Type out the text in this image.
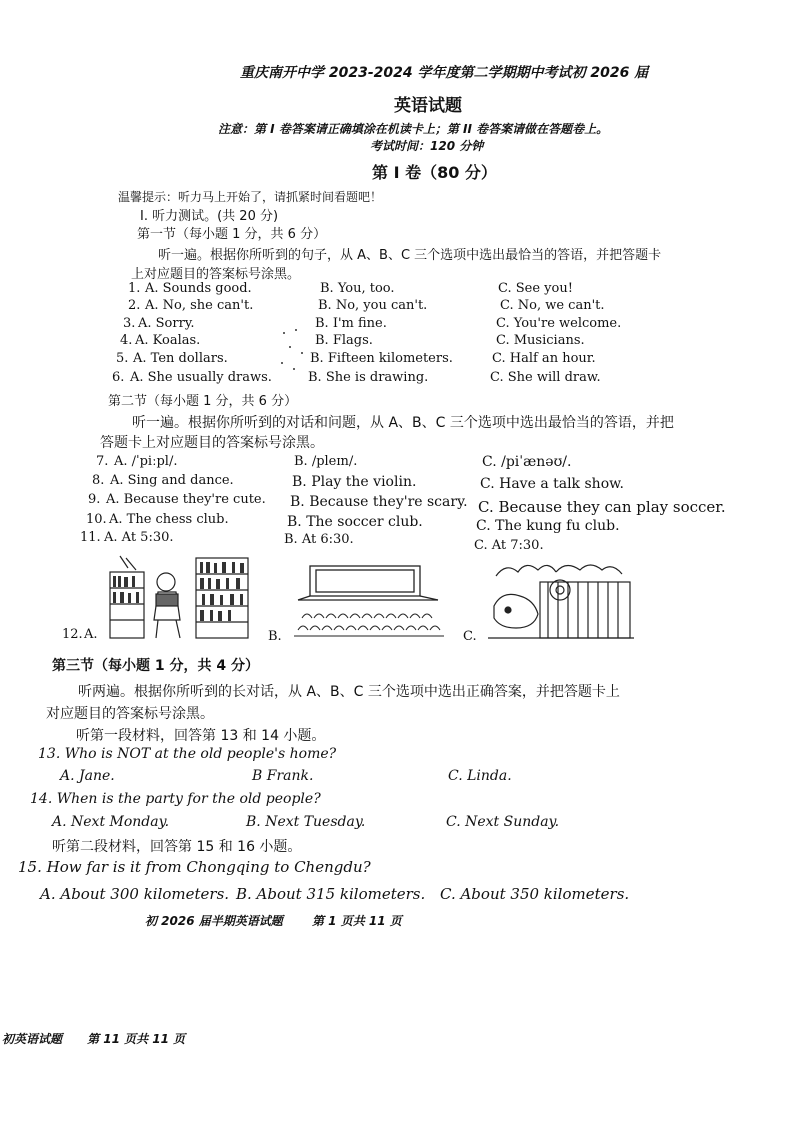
重庆南开中学 2023-2024 学年度第二学期期中考试初 2026 届
英语试题
注意：第 I 卷答案请正确填涂在机读卡上；第 II 卷答案请做在答题卷上。
考试时间：120 分钟
第 I 卷（80 分）
温馨提示：听力马上开始了，请抓紧时间看题吧！
I. 听力测试。(共 20 分)
第一节（每小题 1 分，共 6 分）
听一遍。根据你所听到的句子，从 A、B、C 三个选项中选出最恰当的答语，并把答题卡
上对应题目的答案标号涂黑。
1. A. Sounds good.	B. You, too.	C. See you!
2. A. No, she can't.	B. No, you can't.	C. No, we can't.
3. A. Sorry.	B. I'm fine.	C. You're welcome.
4. A. Koalas.	B. Flags.	C. Musicians.
5. A. Ten dollars.	B. Fifteen kilometers.	C. Half an hour.
6. A. She usually draws.	B. She is drawing.	C. She will draw.
第二节（每小题 1 分，共 6 分）
听一遍。根据你所听到的对话和问题，从 A、B、C 三个选项中选出最恰当的答语，并把
答题卡上对应题目的答案标号涂黑。
7. A. /ˈpiːpl/.	B. /pleɪn/.	C. /piˈænəʊ/.
8. A. Sing and dance.	B. Play the violin.	C. Have a talk show.
9. A. Because they're cute. B. Because they're scary. C. Because they can play soccer.
10. A. The chess club.	B. The soccer club.	C. The kung fu club.
11. A. At 5:30.	B. At 6:30.	C. At 7:30.
12. A.	B.	C.
第三节（每小题 1 分，共 4 分）
听两遍。根据你所听到的长对话，从 A、B、C 三个选项中选出正确答案，并把答题卡上
对应题目的答案标号涂黑。
听第一段材料，回答第 13 和 14 小题。
13. Who is NOT at the old people's home?
A. Jane.	B Frank.	C. Linda.
14. When is the party for the old people?
A. Next Monday.	B. Next Tuesday.	C. Next Sunday.
听第二段材料，回答第 15 和 16 小题。
15. How far is it from Chongqing to Chengdu?
A. About 300 kilometers. B. About 315 kilometers. C. About 350 kilometers.
初 2026 届半期英语试题       第 1 页共 11 页
初英语试题      第 11 页共 11 页
